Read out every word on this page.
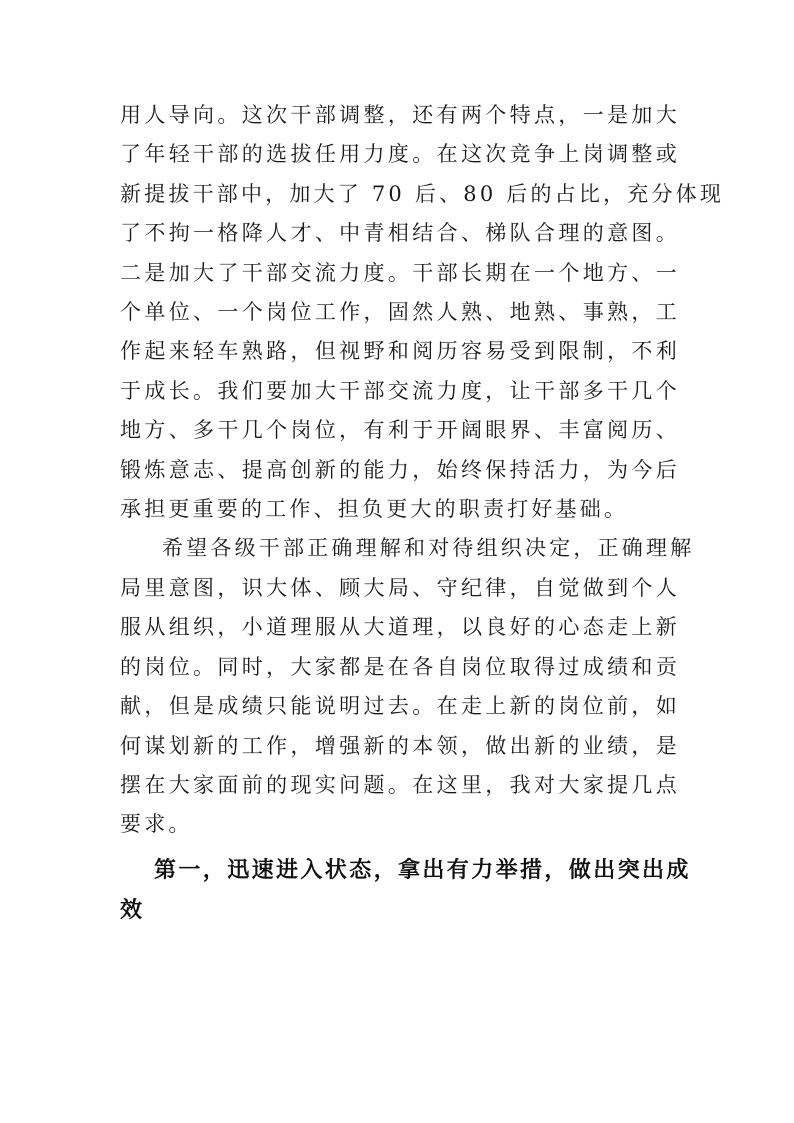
用人导向。这次干部调整，还有两个特点，一是加大
了年轻干部的选拔任用力度。在这次竞争上岗调整或
新提拔干部中，加大了 70 后、80 后的占比，充分体现
了不拘一格降人才、中青相结合、梯队合理的意图。
二是加大了干部交流力度。干部长期在一个地方、一
个单位、一个岗位工作，固然人熟、地熟、事熟，工
作起来轻车熟路，但视野和阅历容易受到限制，不利
于成长。我们要加大干部交流力度，让干部多干几个
地方、多干几个岗位，有利于开阔眼界、丰富阅历、
锻炼意志、提高创新的能力，始终保持活力，为今后
承担更重要的工作、担负更大的职责打好基础。

希望各级干部正确理解和对待组织决定，正确理解
局里意图，识大体、顾大局、守纪律，自觉做到个人
服从组织，小道理服从大道理，以良好的心态走上新
的岗位。同时，大家都是在各自岗位取得过成绩和贡
献，但是成绩只能说明过去。在走上新的岗位前，如
何谋划新的工作，增强新的本领，做出新的业绩，是
摆在大家面前的现实问题。在这里，我对大家提几点
要求。

第一，迅速进入状态，拿出有力举措，做出突出成
效
